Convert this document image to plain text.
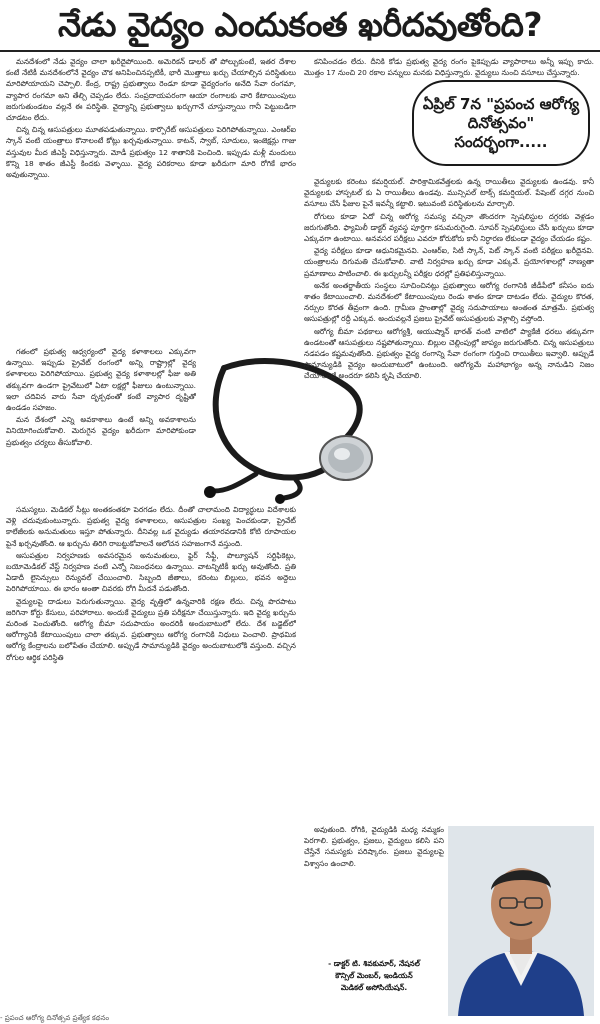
నేడు వైద్యం ఎందుకంత ఖరీదవుతోంది?

మనదేశంలో నేడు వైద్యం చాలా ఖరీదైపోయింది. అమెరికన్ డాలర్ తో పోల్చుకుంటే, ఇతర దేశాల కంటే నేటికీ మనదేశంలోనే వైద్యం చౌక అనిపించినప్పటికీ, భారీ మొత్తాలు ఖర్చు చేయాల్సిన పరిస్థితులు మారిపోయాయని చెప్పాలి. కేంద్ర, రాష్ట్ర ప్రభుత్వాలు రెండూ కూడా వైద్యరంగం అనేది సేవా రంగమా, వ్యాపార రంగమా అని తేల్చి చెప్పడం లేదు. సంప్రదాయపరంగా ఆయా రంగాలకు వారి కేటాయింపులు జరుగుతుండటం వల్లనే ఈ పరిస్థితి. వైద్యాన్ని ప్రభుత్వాలు ఖర్చుగానే చూస్తున్నాయి గానీ పెట్టుబడిగా చూడటం లేదు.

చిన్న చిన్న ఆసుపత్రులు మూతపడుతున్నాయి. కార్పొరేట్ ఆసుపత్రులు పెరిగిపోతున్నాయి. ఎంఆర్ఐ స్కాన్ వంటి యంత్రాలు కొనాలంటే కోట్లు ఖర్చవుతున్నాయి. కాటన్, స్వాబ్, సూదులు, ఇంజెక్షన్లు గాజు వస్తువుల మీద జీఎస్టీ విధిస్తున్నారు. మోడీ ప్రభుత్వం 12 శాతానికి పెంచింది. ఇప్పుడు మళ్లీ మందులు కొన్ని 18 శాతం జీఎస్టీ కిందకు వెళ్ళాయి. వైద్య పరికరాలు కూడా ఖరీదుగా మారి రోగికే భారం అవుతున్నాయి.

గతంలో ప్రభుత్వ ఆధ్వర్యంలో వైద్య కళాశాలలు ఎక్కువగా ఉన్నాయి. ఇప్పుడు ప్రైవేట్ రంగంలో అన్ని రాష్ట్రాల్లో వైద్య కళాశాలలు పెరిగిపోయాయి. ప్రభుత్వ వైద్య కళాశాలల్లో ఫీజు అతి తక్కువగా ఉండగా ప్రైవేటులో ఏటా లక్షల్లో ఫీజులు ఉంటున్నాయి. ఇలా చదివిన వారు సేవా దృక్పథంతో కంటే వ్యాపార దృష్టితో ఉండడం సహజం.

మన దేశంలో ఎన్ని అవకాశాలు ఉంటే అన్ని అవకాశాలను వినియోగించుకోవాలి. మెరుగైన వైద్యం ఖరీదుగా మారిపోకుండా ప్రభుత్వం చర్యలు తీసుకోవాలి.

సమస్యలు. మెడికల్ సీట్లు అంతకంతకూ పెరగడం లేదు. దీంతో చాలామంది విద్యార్థులు విదేశాలకు వెళ్లి చదువుకుంటున్నారు. ప్రభుత్వ వైద్య కళాశాలలు, ఆసుపత్రుల సంఖ్య పెంచకుండా, ప్రైవేట్ కాలేజీలకు అనుమతులు ఇస్తూ పోతున్నారు. దీనివల్ల ఒక వైద్యుడు తయారవడానికి కోటి రూపాయల పైనే ఖర్చవుతోంది. ఆ ఖర్చును తిరిగి రాబట్టుకోవాలనే ఆలోచన సహజంగానే వస్తుంది.

ఆసుపత్రుల నిర్వహణకు అవసరమైన అనుమతులు, ఫైర్ సేఫ్టీ, పొల్యూషన్ సర్టిఫికెట్లు, బయోమెడికల్ వేస్ట్ నిర్వహణ వంటి ఎన్నో నిబంధనలు ఉన్నాయి. వాటన్నిటికీ ఖర్చు అవుతోంది. ప్రతి ఏడాదీ లైసెన్సులు రెన్యువల్ చేయించాలి. సిబ్బంది జీతాలు, కరెంటు బిల్లులు, భవన అద్దెలు పెరిగిపోయాయి. ఈ భారం అంతా చివరకు రోగి మీదనే పడుతోంది.

వైద్యులపై దాడులు పెరుగుతున్నాయి. వైద్య వృత్తిలో ఉన్నవారికి రక్షణ లేదు. చిన్న పొరపాటు జరిగినా కోర్టు కేసులు, పరిహారాలు. అందుకే వైద్యులు ప్రతి పరీక్షనూ చేయిస్తున్నారు. ఇది వైద్య ఖర్చును మరింత పెంచుతోంది. ఆరోగ్య బీమా సదుపాయం అందరికీ అందుబాటులో లేదు. దేశ బడ్జెట్‌లో ఆరోగ్యానికి కేటాయింపులు చాలా తక్కువ. ప్రభుత్వాలు ఆరోగ్య రంగానికి నిధులు పెంచాలి. ప్రాథమిక ఆరోగ్య కేంద్రాలను బలోపేతం చేయాలి. అప్పుడే సామాన్యుడికి వైద్యం అందుబాటులోకి వస్తుంది. వచ్చిన రోగుల ఆర్థిక పరిస్థితి

కనిపించడం లేదు. దీనికి కోడు ప్రభుత్వ వైద్య రంగం పైకెప్పుడు వ్యాపారాలు అన్నీ ఇప్పు కాదు. మొత్తం 17 నుంచి 20 రకాల పన్నులు మనకు విధిస్తున్నారు. వైద్యులు నుంచి వసూలు చేస్తున్నారు.

ఏప్రిల్ 7న "ప్రపంచ ఆరోగ్య దినోత్సవం" సందర్భంగా.....

వైద్యులకు కరెంటు కమర్షియల్. పారిశ్రామికవేత్తలకు ఉన్న రాయితీలు వైద్యులకు ఉండవు. కానీ వైద్యులకు హాస్పటల్ కు ఏ రాయితీలు ఉండవు. మున్సిపల్ టాక్స్ కమర్షియల్. పేషెంట్ దగ్గర నుంచి వసూలు చేసే ఫీజుల పైనే ఇవన్నీ కట్టాలి. ఇటువంటి పరిస్థితులను మార్చాలి.

రోగులు కూడా ఏదో చిన్న ఆరోగ్య సమస్య వచ్చినా తొందరగా స్పెషలిస్టుల దగ్గరకు వెళ్లడం జరుగుతోంది. ఫ్యామిలీ డాక్టర్ వ్యవస్థ పూర్తిగా కనుమరుగైంది. సూపర్ స్పెషలిస్టులు చేసే ఖర్చులు కూడా ఎక్కువగా ఉంటాయి. అనవసర పరీక్షలు ఎవరూ కోరుకోరు కానీ నిర్ధారణ లేకుండా వైద్యం చేయడం కష్టం.

వైద్య పరీక్షలు కూడా ఆధునికమైనవి. ఎంఆర్ఐ, సిటీ స్కాన్, పెట్ స్కాన్ వంటి పరీక్షలు ఖరీదైనవి. యంత్రాలను దిగుమతి చేసుకోవాలి. వాటి నిర్వహణ ఖర్చు కూడా ఎక్కువే. ప్రయోగశాలల్లో నాణ్యతా ప్రమాణాలు పాటించాలి. ఈ ఖర్చులన్నీ పరీక్షల ధరల్లో ప్రతిఫలిస్తున్నాయి.

అనేక అంతర్జాతీయ సంస్థలు సూచించినట్లు ప్రభుత్వాలు ఆరోగ్య రంగానికి జీడీపీలో కనీసం ఐదు శాతం కేటాయించాలి. మనదేశంలో కేటాయింపులు రెండు శాతం కూడా దాటడం లేదు. వైద్యుల కొరత, నర్సుల కొరత తీవ్రంగా ఉంది. గ్రామీణ ప్రాంతాల్లో వైద్య సదుపాయాలు అంతంత మాత్రమే. ప్రభుత్వ ఆసుపత్రుల్లో రద్దీ ఎక్కువ. అందువల్లనే ప్రజలు ప్రైవేట్ ఆసుపత్రులకు వెళ్లాల్సి వస్తోంది.

ఆరోగ్య బీమా పథకాలు ఆరోగ్యశ్రీ, ఆయుష్మాన్ భారత్ వంటి వాటిలో ప్యాకేజీ ధరలు తక్కువగా ఉండటంతో ఆసుపత్రులు నష్టపోతున్నాయి. బిల్లుల చెల్లింపుల్లో జాప్యం జరుగుతోంది. చిన్న ఆసుపత్రులు నడపడం కష్టమవుతోంది. ప్రభుత్వం వైద్య రంగాన్ని సేవా రంగంగా గుర్తించి రాయితీలు ఇవ్వాలి. అప్పుడే సామాన్యుడికి వైద్యం అందుబాటులో ఉంటుంది. ఆరోగ్యమే మహాభాగ్యం అన్న నానుడిని నిజం చేయాలంటే అందరూ కలిసి కృషి చేయాలి.

అవుతుంది. రోగికి, వైద్యుడికి మధ్య నమ్మకం పెరగాలి. ప్రభుత్వం, ప్రజలు, వైద్యులు కలిసి పని చేస్తేనే సమస్యకు పరిష్కారం. ప్రజలు వైద్యులపై విశ్వాసం ఉంచాలి.

- డాక్టర్ టి. శివకుమార్, నేషనల్
కౌన్సిల్ మెంబర్, ఇండియన్
మెడికల్ అసోసియేషన్.
- ప్రపంచ ఆరోగ్య దినోత్సవ ప్రత్యేక కథనం
